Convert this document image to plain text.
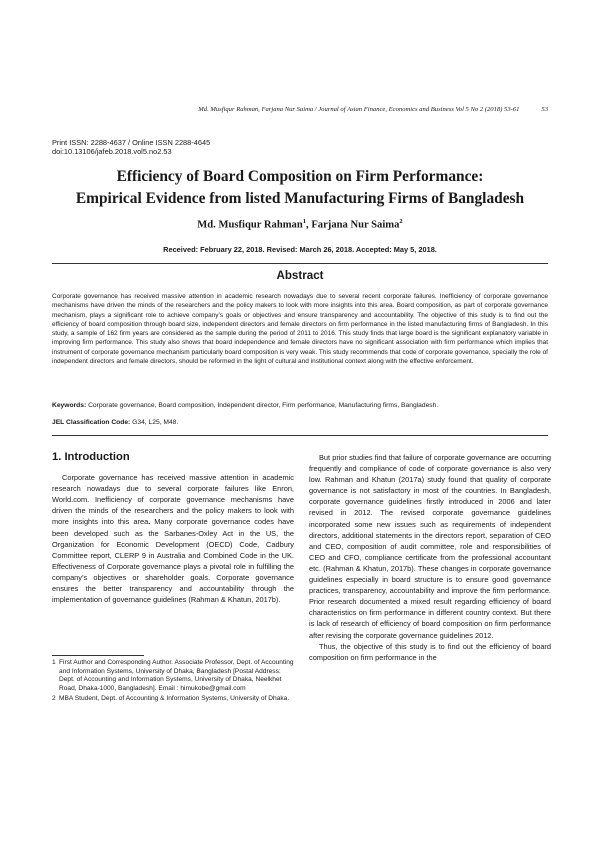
Md. Musfiqur Rahman, Farjana Nur Saima / Journal of Asian Finance, Economics and Business Vol 5 No 2 (2018) 53-61	53
Print ISSN: 2288-4637 / Online ISSN 2288-4645
doi:10.13106/jafeb.2018.vol5.no2.53
Efficiency of Board Composition on Firm Performance:
Empirical Evidence from listed Manufacturing Firms of Bangladesh
Md. Musfiqur Rahman$^1$, Farjana Nur Saima$^2$
Received: February 22, 2018. Revised: March 26, 2018. Accepted: May 5, 2018.
Abstract

Corporate governance has received massive attention in academic research nowadays due to several recent corporate failures. Inefficiency of corporate governance mechanisms have driven the minds of the researchers and the policy makers to look with more insights into this area. Board composition, as part of corporate governance mechanism, plays a significant role to achieve company’s goals or objectives and ensure transparency and accountability. The objective of this study is to find out the efficiency of board composition through board size, independent directors and female directors on firm performance in the listed manufacturing firms of Bangladesh. In this study, a sample of 162 firm years are considered as the sample during the period of 2011 to 2016. This study finds that large board is the significant explanatory variable in improving firm performance. This study also shows that board independence and female directors have no significant association with firm performance which implies that instrument of corporate governance mechanism particularly board composition is very weak. This study recommends that code of corporate governance, specially the role of independent directors and female directors, should be reformed in the light of cultural and institutional context along with the effective enforcement.

Keywords: Corporate governance, Board composition, Independent director, Firm performance, Manufacturing firms, Bangladesh.
JEL Classification Code: G34, L25, M48.
1. Introduction

Corporate governance has received massive attention in academic research nowadays due to several corporate failures like Enron, World.com. Inefficiency of corporate governance mechanisms have driven the minds of the researchers and the policy makers to look with more insights into this area. Many corporate governance codes have been developed such as the Sarbanes-Oxley Act in the US, the Organization for Economic Development (OECD) Code, Cadbury Committee report, CLERP 9 in Australia and Combined Code in the UK. Effectiveness of Corporate governance plays a pivotal role in fulfilling the company’s objectives or shareholder goals. Corporate governance ensures the better transparency and accountability through the implementation of governance guidelines (Rahman & Khatun, 2017b).

But prior studies find that failure of corporate governance are occurring frequently and compliance of code of corporate governance is also very low. Rahman and Khatun (2017a) study found that quality of corporate governance is not satisfactory in most of the countries. In Bangladesh, corporate governance guidelines firstly introduced in 2006 and later revised in 2012. The revised corporate governance guidelines incorporated some new issues such as requirements of independent directors, additional statements in the directors report, separation of CEO and CEO, composition of audit committee, role and responsibilities of CEO and CFO, compliance certificate from the professional accountant etc. (Rahman & Khatun, 2017b). These changes in corporate governance guidelines especially in board structure is to ensure good governance practices, transparency, accountability and improve the firm performance. Prior research documented a mixed result regarding efficiency of board characteristics on firm performance in different country context. But there is lack of research of efficiency of board composition on firm performance after revising the corporate governance guidelines 2012.

Thus, the objective of this study is to find out the efficiency of board composition on firm performance in the

1 First Author and Corresponding Author. Associate Professor, Dept. of Accounting and Information Systems, University of Dhaka, Bangladesh [Postal Address: Dept. of Accounting and Information Systems, University of Dhaka, Neelkhet Road, Dhaka-1000, Bangladesh]. Email : himukobe@gmail.com
2 MBA Student, Dept. of Accounting & Information Systems, University of Dhaka.
